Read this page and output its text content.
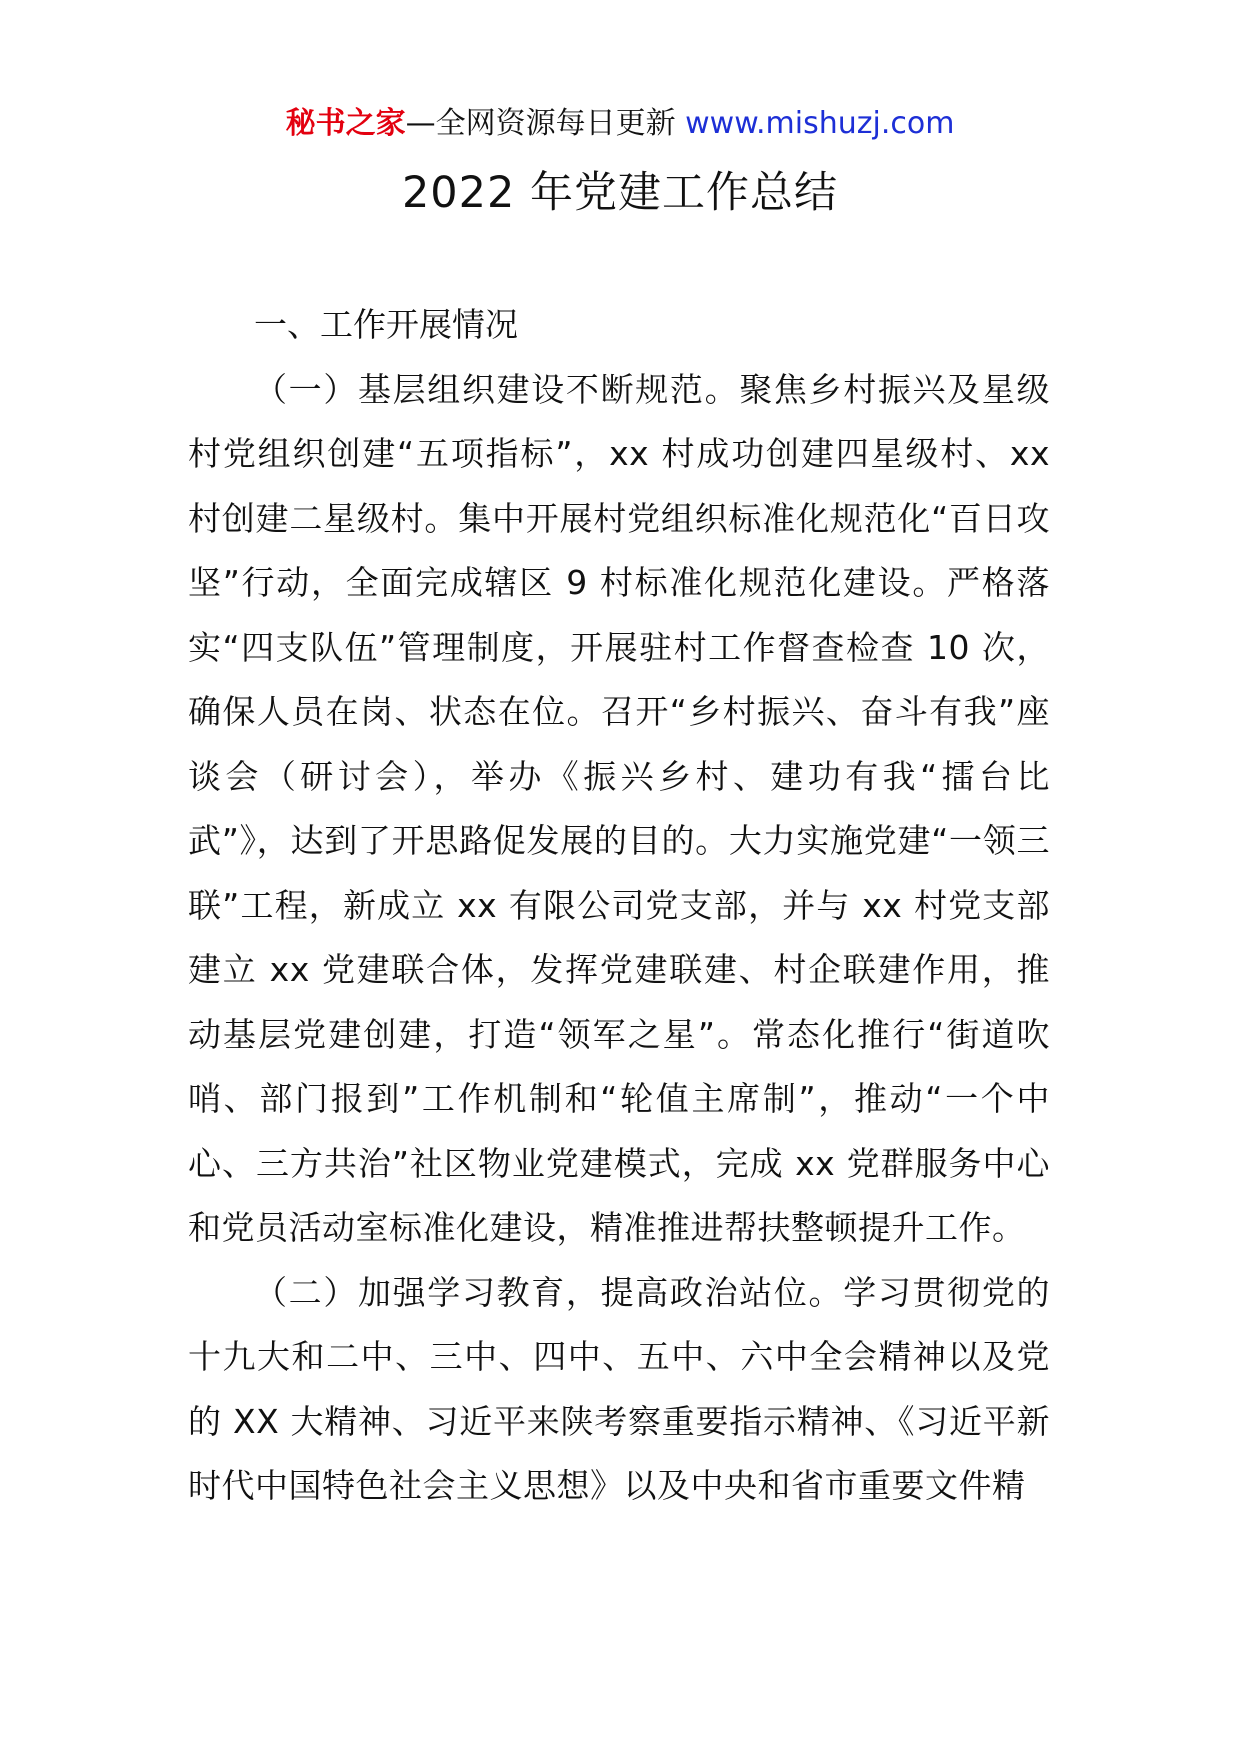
秘书之家—全网资源每日更新 www.mishuzj.com
2022 年党建工作总结

一、工作开展情况

（一）基层组织建设不断规范。聚焦乡村振兴及星级村党组织创建“五项指标”，xx 村成功创建四星级村、xx 村创建二星级村。集中开展村党组织标准化规范化“百日攻坚”行动，全面完成辖区 9 村标准化规范化建设。严格落实“四支队伍”管理制度，开展驻村工作督查检查 10 次，确保人员在岗、状态在位。召开“乡村振兴、奋斗有我”座谈会（研讨会），举办《振兴乡村、建功有我“擂台比武”》，达到了开思路促发展的目的。大力实施党建“一领三联”工程，新成立 xx 有限公司党支部，并与 xx 村党支部建立 xx 党建联合体，发挥党建联建、村企联建作用，推动基层党建创建，打造“领军之星”。常态化推行“街道吹哨、部门报到”工作机制和“轮值主席制”，推动“一个中心、三方共治”社区物业党建模式，完成 xx 党群服务中心和党员活动室标准化建设，精准推进帮扶整顿提升工作。

（二）加强学习教育，提高政治站位。学习贯彻党的十九大和二中、三中、四中、五中、六中全会精神以及党的 XX 大精神、习近平来陕考察重要指示精神、《习近平新时代中国特色社会主义思想》以及中央和省市重要文件精
